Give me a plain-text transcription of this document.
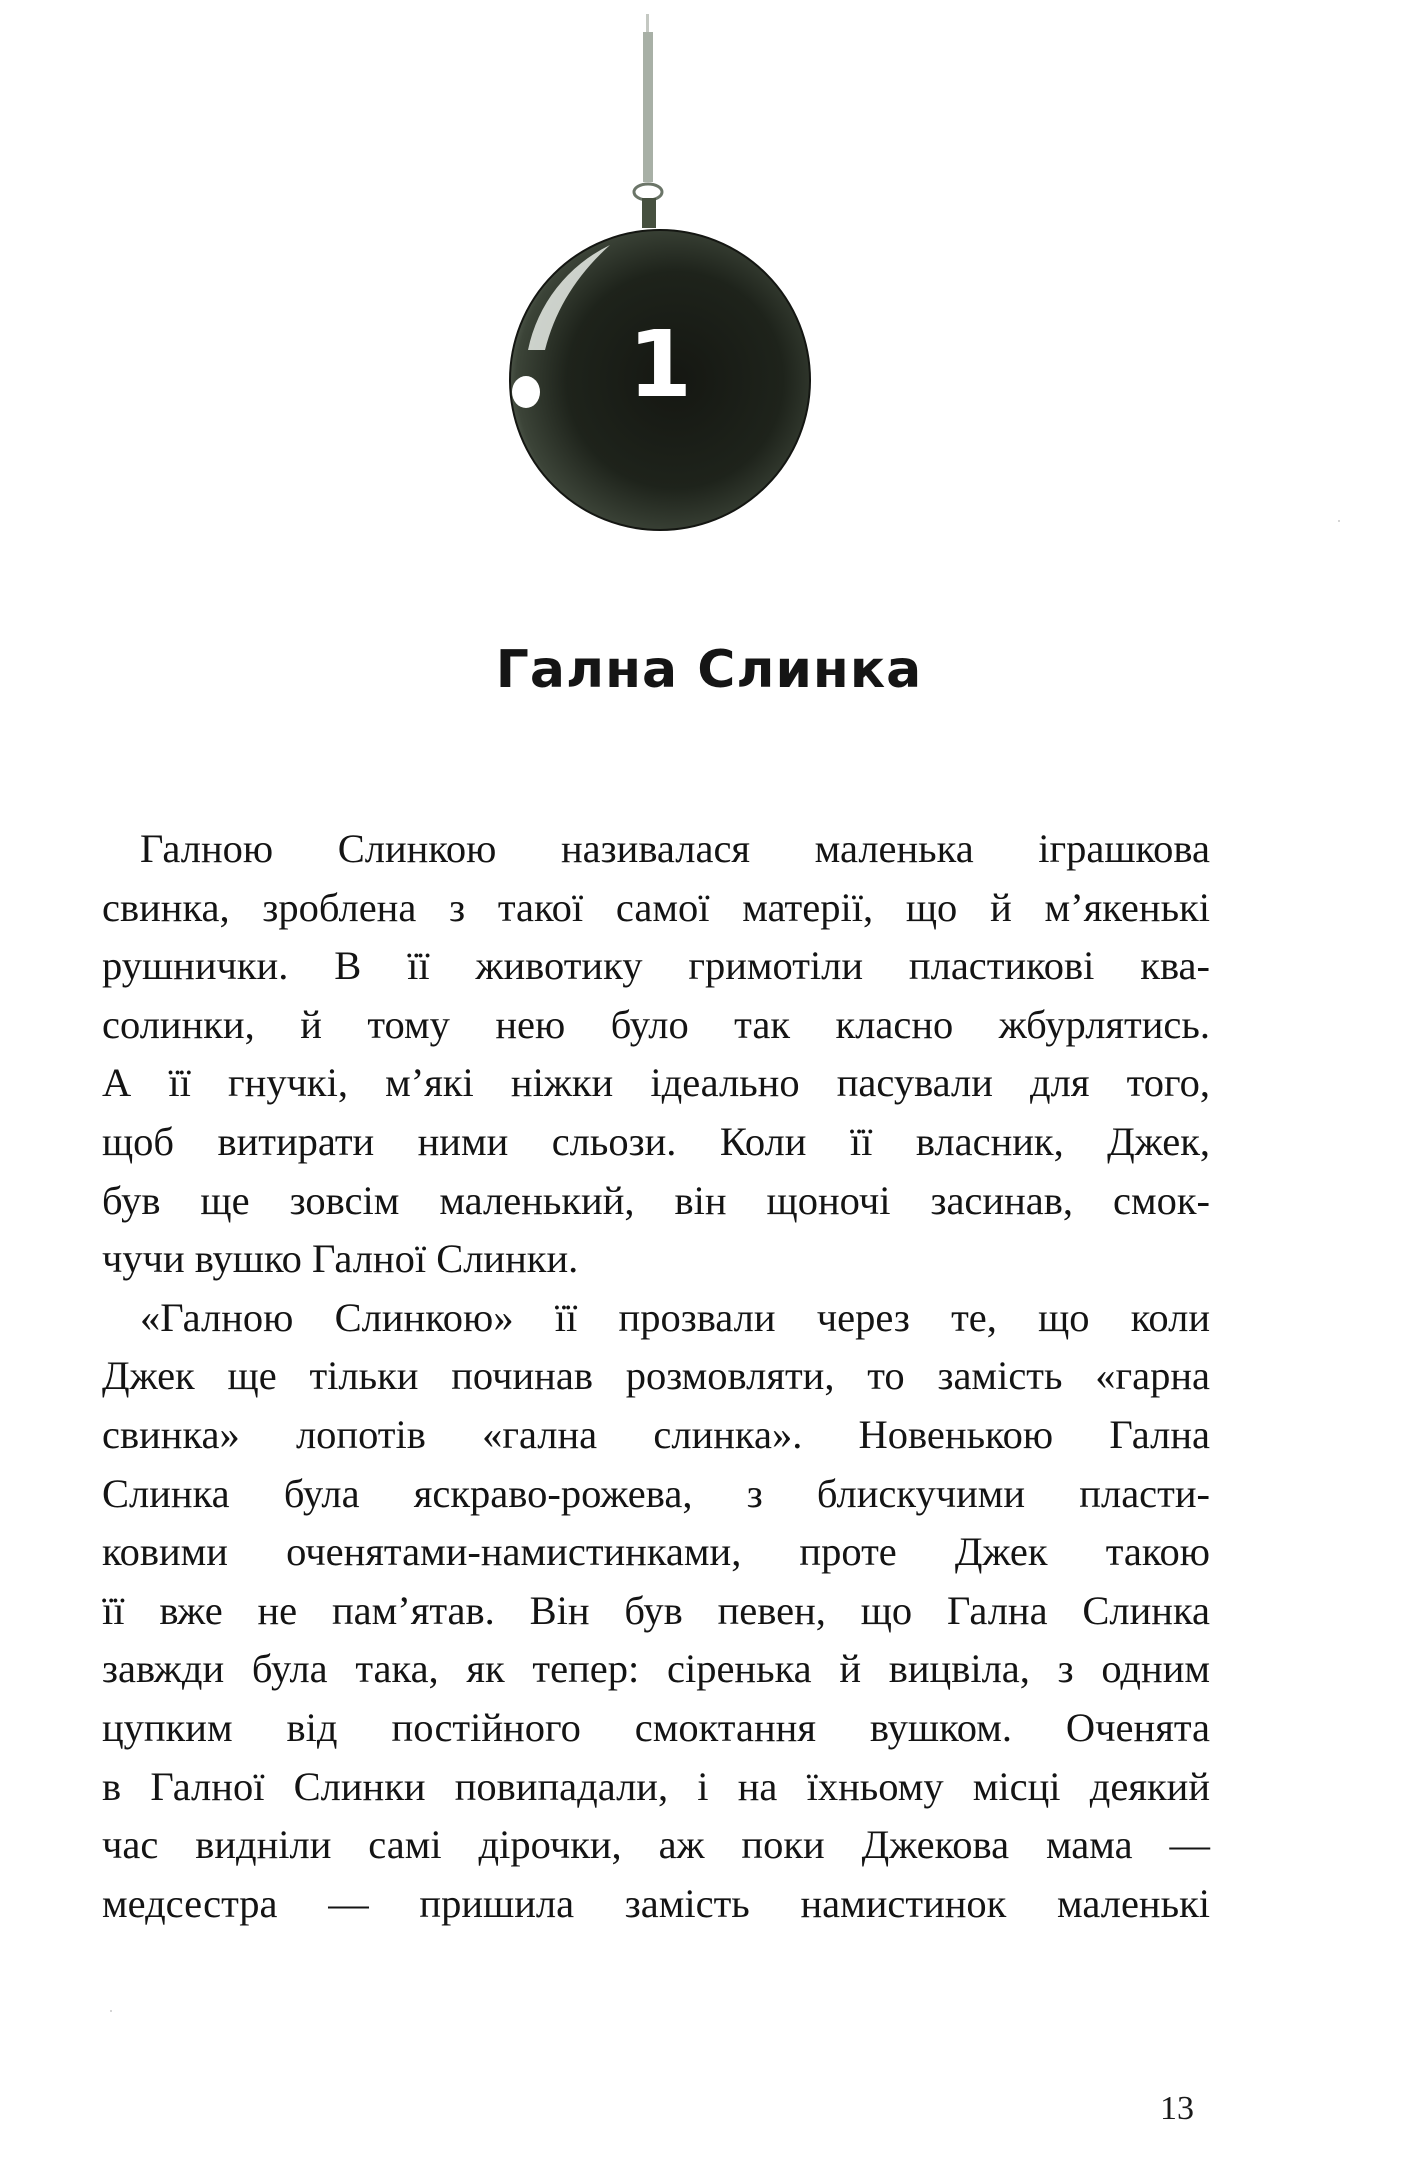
1
Гална Слинка
Галною Слинкою називалася маленька іграшкова
свинка, зроблена з такої самої матерії, що й м’якенькі
рушнички. В її животику гримотіли пластикові ква-
солинки, й тому нею було так класно жбурлятись.
А її гнучкі, м’які ніжки ідеально пасували для того,
щоб витирати ними сльози. Коли її власник, Джек,
був ще зовсім маленький, він щоночі засинав, смок-
чучи вушко Галної Слинки.
«Галною Слинкою» її прозвали через те, що коли
Джек ще тільки починав розмовляти, то замість «гарна
свинка» лопотів «гална слинка». Новенькою Гална
Слинка була яскраво-рожева, з блискучими пласти-
ковими оченятами-намистинками, проте Джек такою
її вже не пам’ятав. Він був певен, що Гална Слинка
завжди була така, як тепер: сіренька й вицвіла, з одним
цупким від постійного смоктання вушком. Оченята
в Галної Слинки повипадали, і на їхньому місці деякий
час видніли самі дірочки, аж поки Джекова мама —
медсестра — пришила замість намистинок маленькі
13
